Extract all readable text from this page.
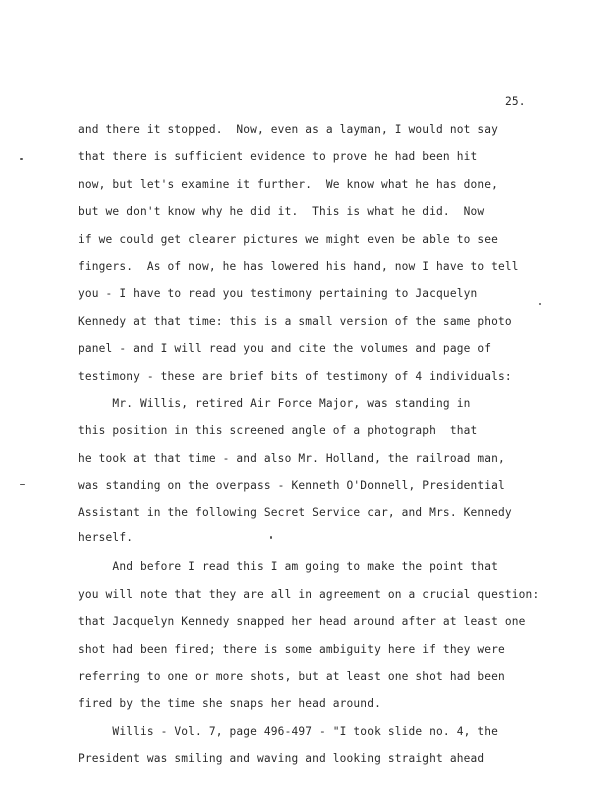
25.
and there it stopped.  Now, even as a layman, I would not say
that there is sufficient evidence to prove he had been hit
now, but let's examine it further.  We know what he has done,
but we don't know why he did it.  This is what he did.  Now
if we could get clearer pictures we might even be able to see
fingers.  As of now, he has lowered his hand, now I have to tell
you - I have to read you testimony pertaining to Jacquelyn
Kennedy at that time: this is a small version of the same photo
panel - and I will read you and cite the volumes and page of
testimony - these are brief bits of testimony of 4 individuals:
Mr. Willis, retired Air Force Major, was standing in
this position in this screened angle of a photograph  that
he took at that time - and also Mr. Holland, the railroad man,
was standing on the overpass - Kenneth O'Donnell, Presidential
Assistant in the following Secret Service car, and Mrs. Kennedy
herself.
And before I read this I am going to make the point that
you will note that they are all in agreement on a crucial question:
that Jacquelyn Kennedy snapped her head around after at least one
shot had been fired; there is some ambiguity here if they were
referring to one or more shots, but at least one shot had been
fired by the time she snaps her head around.
Willis - Vol. 7, page 496-497 - "I took slide no. 4, the
President was smiling and waving and looking straight ahead
